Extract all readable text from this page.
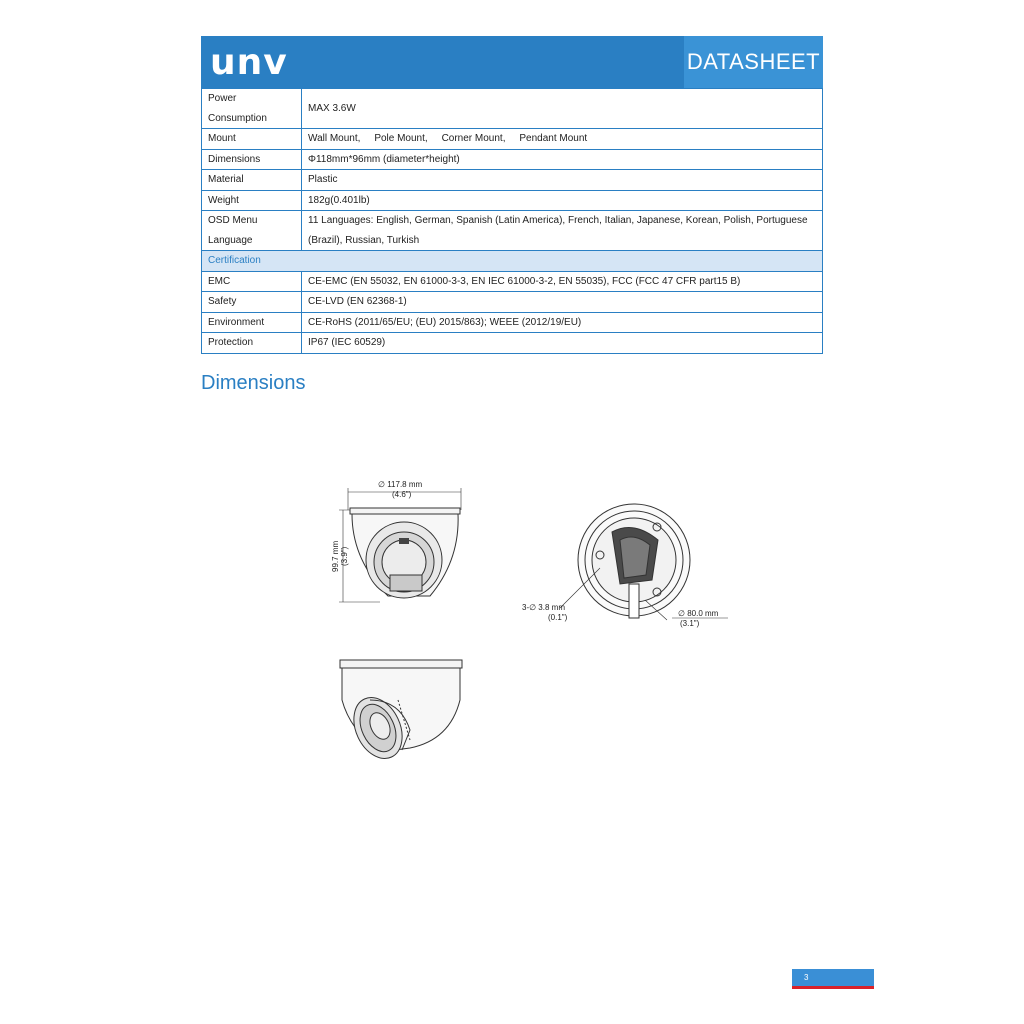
unv	DATASHEET
Power Consumption	MAX 3.6W
Mount	Wall Mount,     Pole Mount,     Corner Mount,     Pendant Mount
Dimensions	Φ118mm*96mm (diameter*height)
Material	Plastic
Weight	182g(0.401lb)
OSD Menu Language	11 Languages: English, German, Spanish (Latin America), French, Italian, Japanese, Korean, Polish, Portuguese (Brazil), Russian, Turkish
Certification	
EMC	CE-EMC (EN 55032, EN 61000-3-3, EN IEC 61000-3-2, EN 55035), FCC (FCC 47 CFR part15 B)
Safety	CE-LVD (EN 62368-1)
Environment	CE-RoHS (2011/65/EU; (EU) 2015/863); WEEE (2012/19/EU)
Protection	IP67 (IEC 60529)
Dimensions
∅ 117.8 mm
(4.6")
99.7 mm (3.9")
3-∅ 3.8 mm
(0.1")	∅ 80.0 mm
(3.1")
3
